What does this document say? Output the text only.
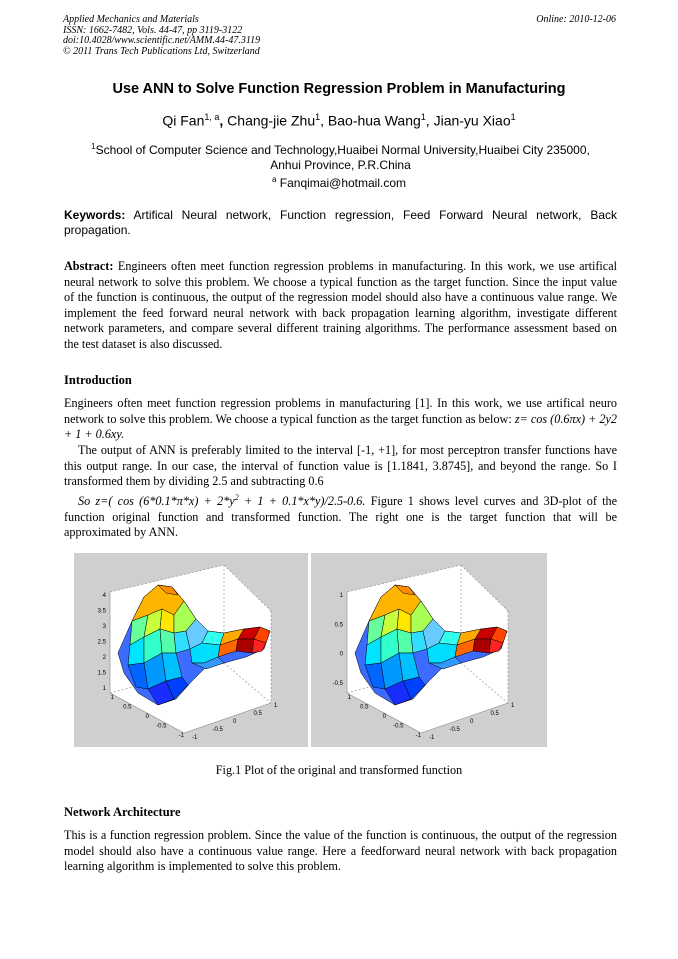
Applied Mechanics and Materials
ISSN: 1662-7482, Vols. 44-47, pp 3119-3122
doi:10.4028/www.scientific.net/AMM.44-47.3119
© 2011 Trans Tech Publications Ltd, Switzerland
Online: 2010-12-06
Use ANN to Solve Function Regression Problem in Manufacturing
Qi Fan$^{1, a}$, Chang-jie Zhu$^1$, Bao-hua Wang$^1$, Jian-yu Xiao$^1$
$^1$School of Computer Science and Technology,Huaibei Normal University,Huaibei City 235000,
Anhui Province, P.R.China
$^a$ Fanqimai@hotmail.com
Keywords: Artifical Neural network, Function regression, Feed Forward Neural network, Back propagation.
Abstract: Engineers often meet function regression problems in manufacturing. In this work, we use artifical neural network to solve this problem. We choose a typical function as the target function. Since the input value of the function is continuous, the output of the regression model should also have a continuous value range. We implement the feed forward neural network with back propagation learning algorithm, investigate different network parameters, and compare several different training algorithms. The performance assessment based on the test dataset is also discussed.
Introduction
Engineers often meet function regression problems in manufacturing [1]. In this work, we use artifical neuro network to solve this problem. We choose a typical function as the target function as below: z= cos (0.6πx) + 2y2 + 1 + 0.6xy.
The output of ANN is preferably limited to the interval [-1, +1], for most perceptron transfer functions have this output range. In our case, the interval of function value is [1.1841, 3.8745], and beyond the range. So I transformed them by dividing 2.5 and subtracting 0.6
So z=( $\cos (6*0.1*\pi*x) + 2*y^2 + 1 + 0.1*x*y)/2.5-0.6$. Figure 1 shows level curves and 3D-plot of the function original function and transformed function. The right one is the target function that will be approximated by ANN.
1
1.5
2
2.5
3
3.5
4
1
0.5
0
-0.5
-1 -1
-0.5
0
0.5
1
-0.5
0
0.5
1
1
0.5
0
-0.5
-1 -1
-0.5
0
0.5
1
Fig.1 Plot of the original and transformed function
Network Architecture
This is a function regression problem. Since the value of the function is continuous, the output of the regression model should also have a continuous value range. Here a feedforward neural network with back propagation learning algorithm is implemented to solve this problem.
